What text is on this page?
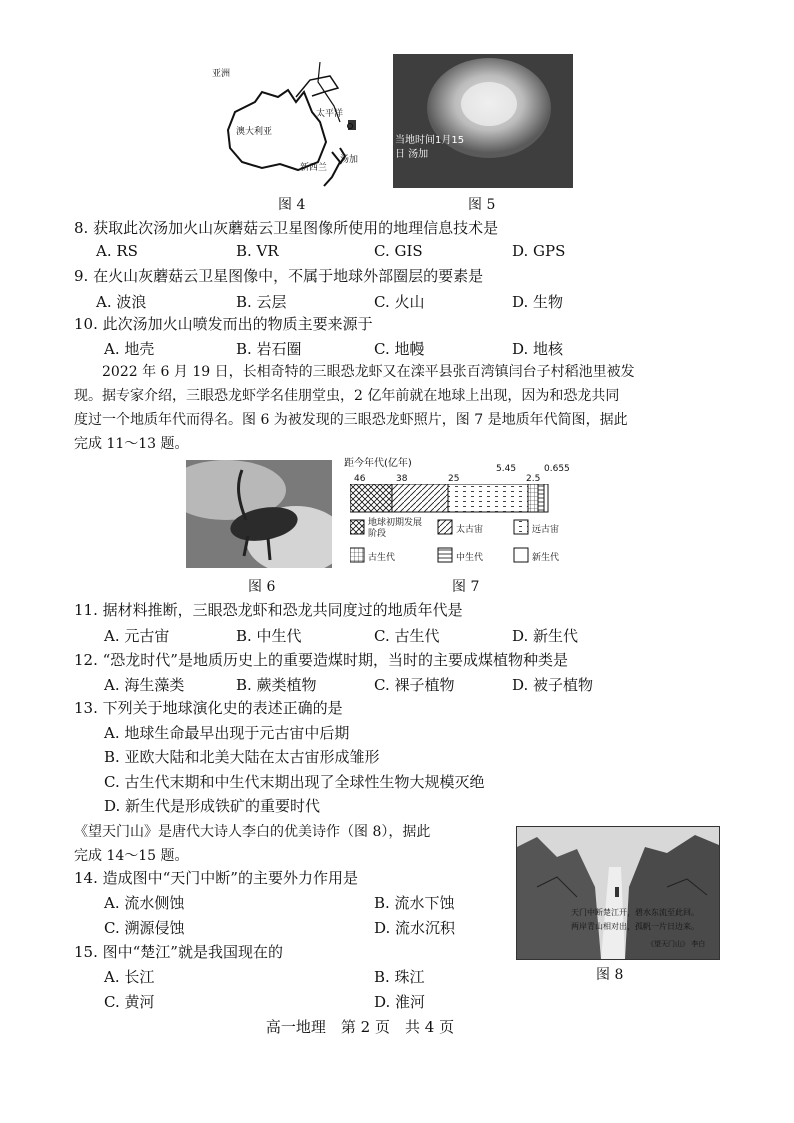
亚洲
太平洋
澳大利亚
新西兰
汤加
图 4
当地时间1月15日 汤加
图 5
8. 获取此次汤加火山灰蘑菇云卫星图像所使用的地理信息技术是
A. RS	B. VR	C. GIS	D. GPS
9. 在火山灰蘑菇云卫星图像中，不属于地球外部圈层的要素是
A. 波浪	B. 云层	C. 火山	D. 生物
10. 此次汤加火山喷发而出的物质主要来源于
A. 地壳	B. 岩石圈	C. 地幔	D. 地核
2022 年 6 月 19 日，长相奇特的三眼恐龙虾又在滦平县张百湾镇闫台子村稻池里被发
现。据专家介绍，三眼恐龙虾学名佳朋堂虫，2 亿年前就在地球上出现，因为和恐龙共同
度过一个地质年代而得名。图 6 为被发现的三眼恐龙虾照片，图 7 是地质年代简图，据此
完成 11～13 题。
图 6
距今年代(亿年)
46	38	25
5.45
2.5
0.655
地球初期发展阶段	太古宙	远古宙
古生代	中生代	新生代
图 7
11. 据材料推断，三眼恐龙虾和恐龙共同度过的地质年代是
A. 元古宙	B. 中生代	C. 古生代	D. 新生代
12. “恐龙时代”是地质历史上的重要造煤时期，当时的主要成煤植物种类是
A. 海生藻类	B. 蕨类植物	C. 裸子植物	D. 被子植物
13. 下列关于地球演化史的表述正确的是
A. 地球生命最早出现于元古宙中后期
B. 亚欧大陆和北美大陆在太古宙形成雏形
C. 古生代末期和中生代末期出现了全球性生物大规模灭绝
D. 新生代是形成铁矿的重要时代
《望天门山》是唐代大诗人李白的优美诗作（图 8），据此
完成 14～15 题。
天门中断楚江开，碧水东流至此回。
两岸青山相对出，孤帆一片日边来。
《望天门山》 李白
图 8
14. 造成图中“天门中断”的主要外力作用是
A. 流水侧蚀	B. 流水下蚀
C. 溯源侵蚀	D. 流水沉积
15. 图中“楚江”就是我国现在的
A. 长江	B. 珠江
C. 黄河	D. 淮河
高一地理　第 2 页　共 4 页
